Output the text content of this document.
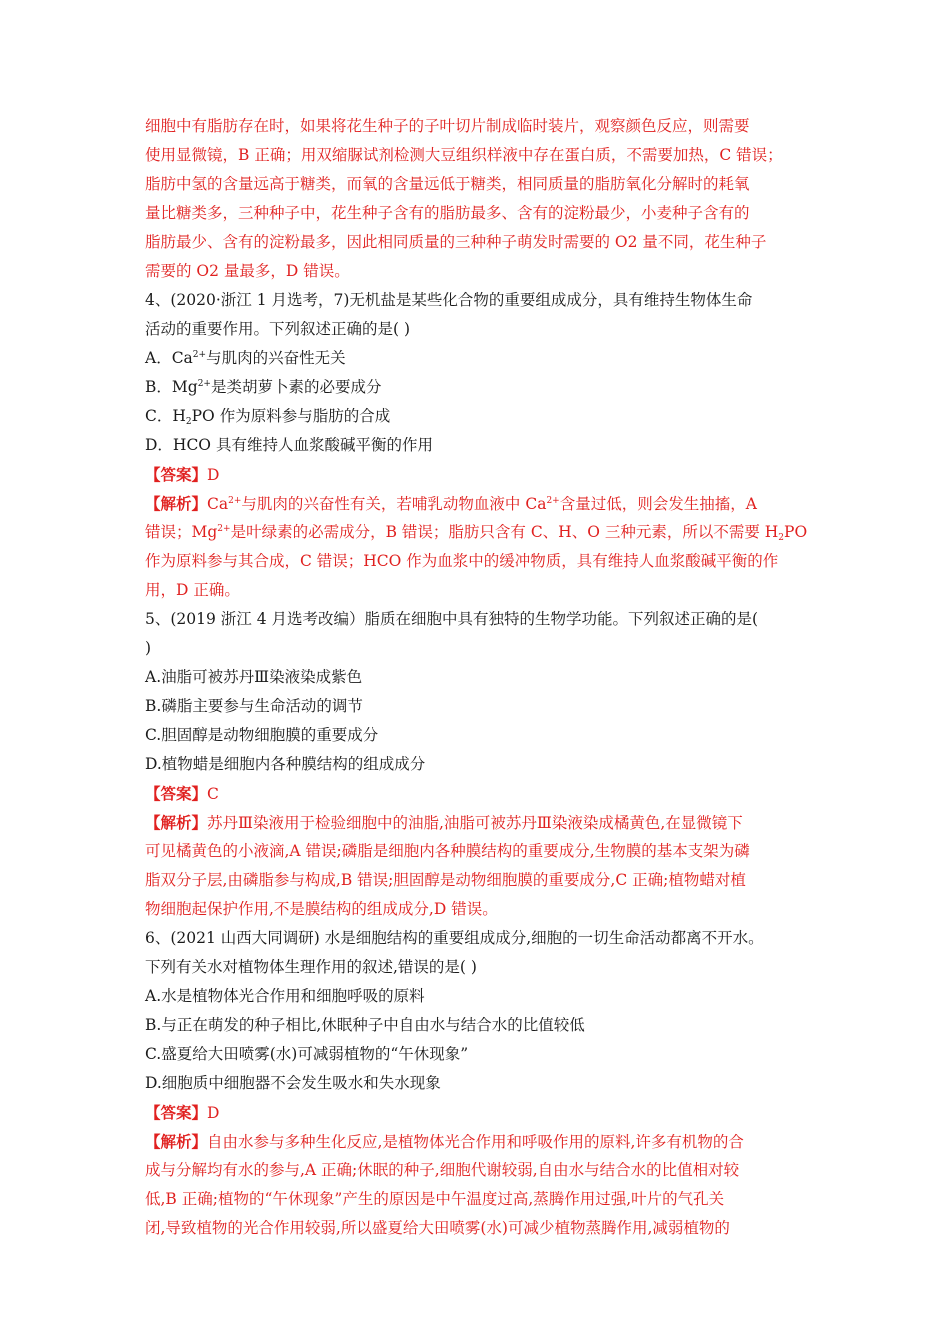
细胞中有脂肪存在时，如果将花生种子的子叶切片制成临时装片，观察颜色反应，则需要
使用显微镜，B 正确；用双缩脲试剂检测大豆组织样液中存在蛋白质，不需要加热，C 错误；
脂肪中氢的含量远高于糖类，而氧的含量远低于糖类，相同质量的脂肪氧化分解时的耗氧
量比糖类多，三种种子中，花生种子含有的脂肪最多、含有的淀粉最少，小麦种子含有的
脂肪最少、含有的淀粉最多，因此相同质量的三种种子萌发时需要的 O2 量不同，花生种子
需要的 O2 量最多，D 错误。
4、(2020·浙江 1 月选考，7)无机盐是某些化合物的重要组成成分，具有维持生物体生命
活动的重要作用。下列叙述正确的是( )
A．$Ca^{2+}$与肌肉的兴奋性无关
B．$Mg^{2+}$是类胡萝卜素的必要成分
C．$H_2PO$ 作为原料参与脂肪的合成
D．HCO 具有维持人血浆酸碱平衡的作用
【答案】D
【解析】$Ca^{2+}$与肌肉的兴奋性有关，若哺乳动物血液中 $Ca^{2+}$含量过低，则会发生抽搐，A
错误；$Mg^{2+}$是叶绿素的必需成分，B 错误；脂肪只含有 C、H、O 三种元素，所以不需要 $H_2PO$
作为原料参与其合成，C 错误；HCO 作为血浆中的缓冲物质，具有维持人血浆酸碱平衡的作
用，D 正确。
5、(2019 浙江 4 月选考改编）脂质在细胞中具有独特的生物学功能。下列叙述正确的是(
)
A.油脂可被苏丹Ⅲ染液染成紫色
B.磷脂主要参与生命活动的调节
C.胆固醇是动物细胞膜的重要成分
D.植物蜡是细胞内各种膜结构的组成成分
【答案】C
【解析】苏丹Ⅲ染液用于检验细胞中的油脂,油脂可被苏丹Ⅲ染液染成橘黄色,在显微镜下
可见橘黄色的小液滴,A 错误;磷脂是细胞内各种膜结构的重要成分,生物膜的基本支架为磷
脂双分子层,由磷脂参与构成,B 错误;胆固醇是动物细胞膜的重要成分,C 正确;植物蜡对植
物细胞起保护作用,不是膜结构的组成成分,D 错误。
6、(2021 山西大同调研) 水是细胞结构的重要组成成分,细胞的一切生命活动都离不开水。
下列有关水对植物体生理作用的叙述,错误的是( )
A.水是植物体光合作用和细胞呼吸的原料
B.与正在萌发的种子相比,休眠种子中自由水与结合水的比值较低
C.盛夏给大田喷雾(水)可减弱植物的“午休现象”
D.细胞质中细胞器不会发生吸水和失水现象
【答案】D
【解析】自由水参与多种生化反应,是植物体光合作用和呼吸作用的原料,许多有机物的合
成与分解均有水的参与,A 正确;休眠的种子,细胞代谢较弱,自由水与结合水的比值相对较
低,B 正确;植物的“午休现象”产生的原因是中午温度过高,蒸腾作用过强,叶片的气孔关
闭,导致植物的光合作用较弱,所以盛夏给大田喷雾(水)可减少植物蒸腾作用,减弱植物的
